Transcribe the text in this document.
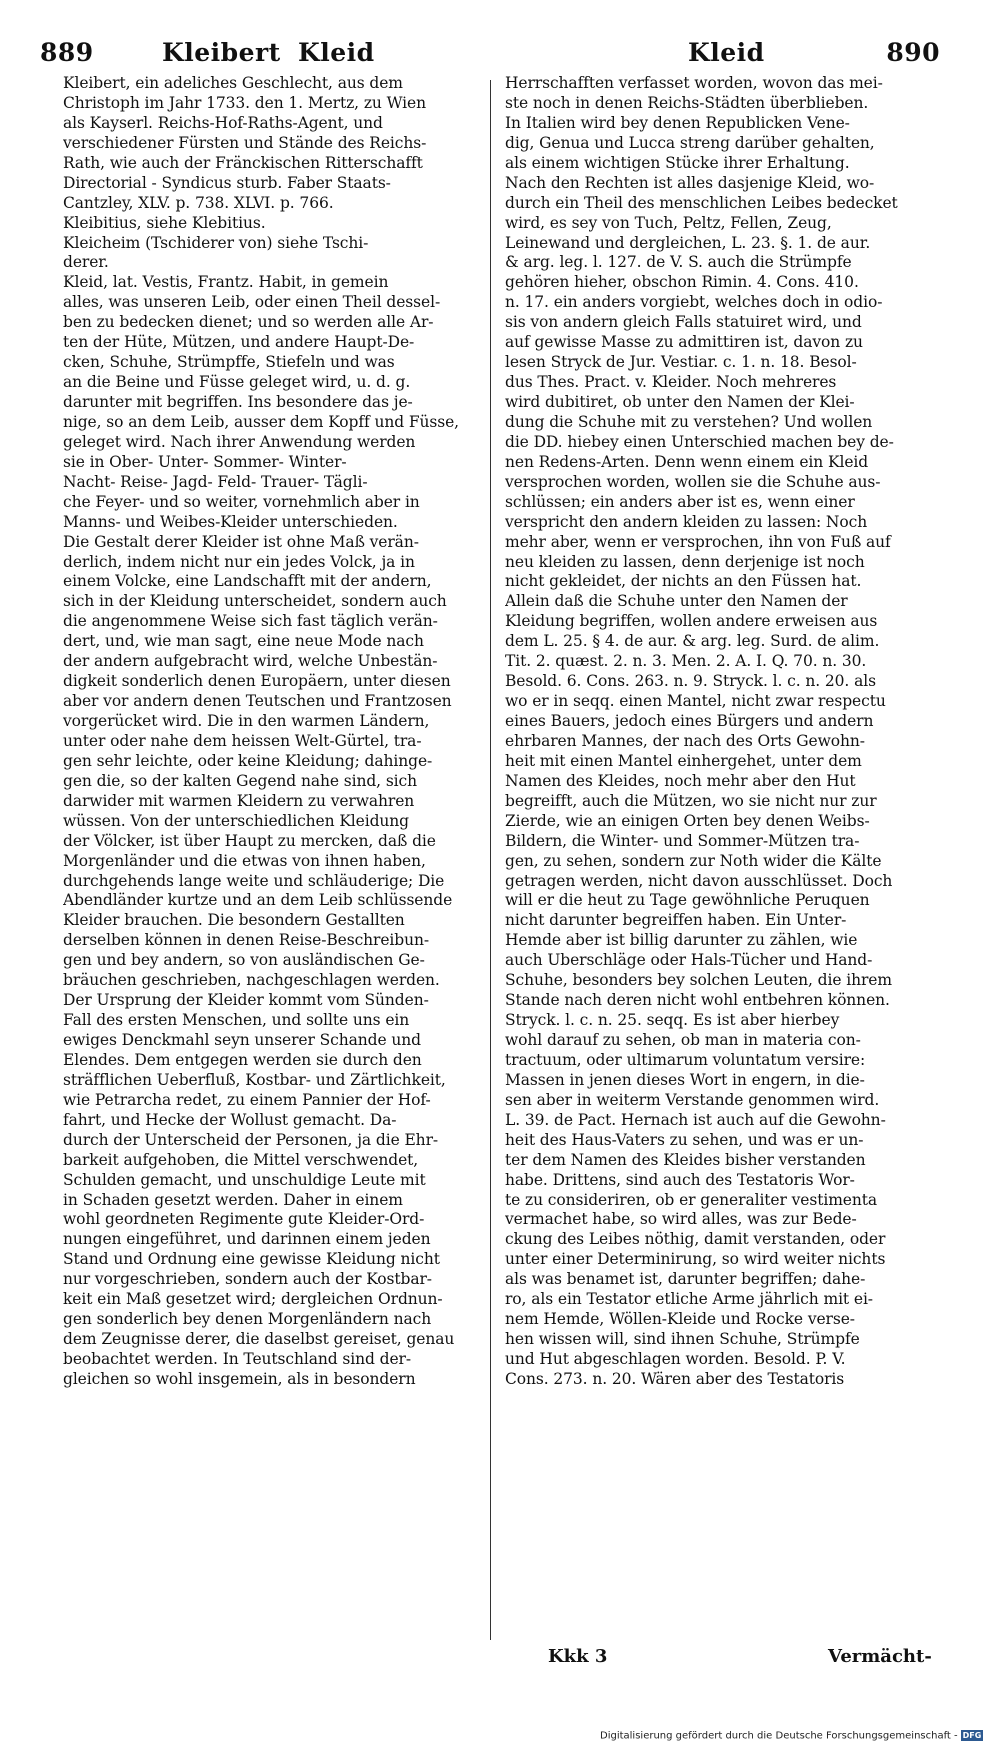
889	Kleibert Kleid	Kleid	890
Kleibert, ein adeliches Geschlecht, aus dem
Christoph im Jahr 1733. den 1. Mertz, zu Wien
als Kayserl. Reichs-Hof-Raths-Agent, und
verschiedener Fürsten und Stände des Reichs-
Rath, wie auch der Fränckischen Ritterschafft
Directorial - Syndicus sturb. Faber Staats-
Cantzley, XLV. p. 738. XLVI. p. 766.
Kleibitius, siehe Klebitius.
Kleicheim (Tschiderer von) siehe Tschi-
derer.
Kleid, lat. Vestis, Frantz. Habit, in gemein
alles, was unseren Leib, oder einen Theil dessel-
ben zu bedecken dienet; und so werden alle Ar-
ten der Hüte, Mützen, und andere Haupt-De-
cken, Schuhe, Strümpffe, Stiefeln und was
an die Beine und Füsse geleget wird, u. d. g.
darunter mit begriffen. Ins besondere das je-
nige, so an dem Leib, ausser dem Kopff und Füsse,
geleget wird. Nach ihrer Anwendung werden
sie in Ober- Unter- Sommer- Winter-
Nacht- Reise- Jagd- Feld- Trauer- Tägli-
che Feyer- und so weiter, vornehmlich aber in
Manns- und Weibes-Kleider unterschieden.
Die Gestalt derer Kleider ist ohne Maß verän-
derlich, indem nicht nur ein jedes Volck, ja in
einem Volcke, eine Landschafft mit der andern,
sich in der Kleidung unterscheidet, sondern auch
die angenommene Weise sich fast täglich verän-
dert, und, wie man sagt, eine neue Mode nach
der andern aufgebracht wird, welche Unbestän-
digkeit sonderlich denen Europäern, unter diesen
aber vor andern denen Teutschen und Frantzosen
vorgerücket wird. Die in den warmen Ländern,
unter oder nahe dem heissen Welt-Gürtel, tra-
gen sehr leichte, oder keine Kleidung; dahinge-
gen die, so der kalten Gegend nahe sind, sich
darwider mit warmen Kleidern zu verwahren
wüssen. Von der unterschiedlichen Kleidung
der Völcker, ist über Haupt zu mercken, daß die
Morgenländer und die etwas von ihnen haben,
durchgehends lange weite und schläuderige; Die
Abendländer kurtze und an dem Leib schlüssende
Kleider brauchen. Die besondern Gestallten
derselben können in denen Reise-Beschreibun-
gen und bey andern, so von ausländischen Ge-
bräuchen geschrieben, nachgeschlagen werden.
Der Ursprung der Kleider kommt vom Sünden-
Fall des ersten Menschen, und sollte uns ein
ewiges Denckmahl seyn unserer Schande und
Elendes. Dem entgegen werden sie durch den
sträfflichen Ueberfluß, Kostbar- und Zärtlichkeit,
wie Petrarcha redet, zu einem Pannier der Hof-
fahrt, und Hecke der Wollust gemacht. Da-
durch der Unterscheid der Personen, ja die Ehr-
barkeit aufgehoben, die Mittel verschwendet,
Schulden gemacht, und unschuldige Leute mit
in Schaden gesetzt werden. Daher in einem
wohl geordneten Regimente gute Kleider-Ord-
nungen eingeführet, und darinnen einem jeden
Stand und Ordnung eine gewisse Kleidung nicht
nur vorgeschrieben, sondern auch der Kostbar-
keit ein Maß gesetzet wird; dergleichen Ordnun-
gen sonderlich bey denen Morgenländern nach
dem Zeugnisse derer, die daselbst gereiset, genau
beobachtet werden. In Teutschland sind der-
gleichen so wohl insgemein, als in besondern
Herrschafften verfasset worden, wovon das mei-
ste noch in denen Reichs-Städten überblieben.
In Italien wird bey denen Republicken Vene-
dig, Genua und Lucca streng darüber gehalten,
als einem wichtigen Stücke ihrer Erhaltung.
Nach den Rechten ist alles dasjenige Kleid, wo-
durch ein Theil des menschlichen Leibes bedecket
wird, es sey von Tuch, Peltz, Fellen, Zeug,
Leinewand und dergleichen, L. 23. §. 1. de aur.
& arg. leg. l. 127. de V. S. auch die Strümpfe
gehören hieher, obschon Rimin. 4. Cons. 410.
n. 17. ein anders vorgiebt, welches doch in odio-
sis von andern gleich Falls statuiret wird, und
auf gewisse Masse zu admittiren ist, davon zu
lesen Stryck de Jur. Vestiar. c. 1. n. 18. Besol-
dus Thes. Pract. v. Kleider. Noch mehreres
wird dubitiret, ob unter den Namen der Klei-
dung die Schuhe mit zu verstehen? Und wollen
die DD. hiebey einen Unterschied machen bey de-
nen Redens-Arten. Denn wenn einem ein Kleid
versprochen worden, wollen sie die Schuhe aus-
schlüssen; ein anders aber ist es, wenn einer
verspricht den andern kleiden zu lassen: Noch
mehr aber, wenn er versprochen, ihn von Fuß auf
neu kleiden zu lassen, denn derjenige ist noch
nicht gekleidet, der nichts an den Füssen hat.
Allein daß die Schuhe unter den Namen der
Kleidung begriffen, wollen andere erweisen aus
dem L. 25. § 4. de aur. & arg. leg. Surd. de alim.
Tit. 2. quæst. 2. n. 3. Men. 2. A. I. Q. 70. n. 30.
Besold. 6. Cons. 263. n. 9. Stryck. l. c. n. 20. als
wo er in seqq. einen Mantel, nicht zwar respectu
eines Bauers, jedoch eines Bürgers und andern
ehrbaren Mannes, der nach des Orts Gewohn-
heit mit einen Mantel einhergehet, unter dem
Namen des Kleides, noch mehr aber den Hut
begreifft, auch die Mützen, wo sie nicht nur zur
Zierde, wie an einigen Orten bey denen Weibs-
Bildern, die Winter- und Sommer-Mützen tra-
gen, zu sehen, sondern zur Noth wider die Kälte
getragen werden, nicht davon ausschlüsset. Doch
will er die heut zu Tage gewöhnliche Peruquen
nicht darunter begreiffen haben. Ein Unter-
Hemde aber ist billig darunter zu zählen, wie
auch Uberschläge oder Hals-Tücher und Hand-
Schuhe, besonders bey solchen Leuten, die ihrem
Stande nach deren nicht wohl entbehren können.
Stryck. l. c. n. 25. seqq. Es ist aber hierbey
wohl darauf zu sehen, ob man in materia con-
tractuum, oder ultimarum voluntatum versire:
Massen in jenen dieses Wort in engern, in die-
sen aber in weiterm Verstande genommen wird.
L. 39. de Pact. Hernach ist auch auf die Gewohn-
heit des Haus-Vaters zu sehen, und was er un-
ter dem Namen des Kleides bisher verstanden
habe. Drittens, sind auch des Testatoris Wor-
te zu consideriren, ob er generaliter vestimenta
vermachet habe, so wird alles, was zur Bede-
ckung des Leibes nöthig, damit verstanden, oder
unter einer Determinirung, so wird weiter nichts
als was benamet ist, darunter begriffen; dahe-
ro, als ein Testator etliche Arme jährlich mit ei-
nem Hemde, Wöllen-Kleide und Rocke verse-
hen wissen will, sind ihnen Schuhe, Strümpfe
und Hut abgeschlagen worden. Besold. P. V.
Cons. 273. n. 20. Wären aber des Testatoris
Kkk 3	Vermächt-
Digitalisierung gefördert durch die Deutsche Forschungsgemeinschaft - DFG
